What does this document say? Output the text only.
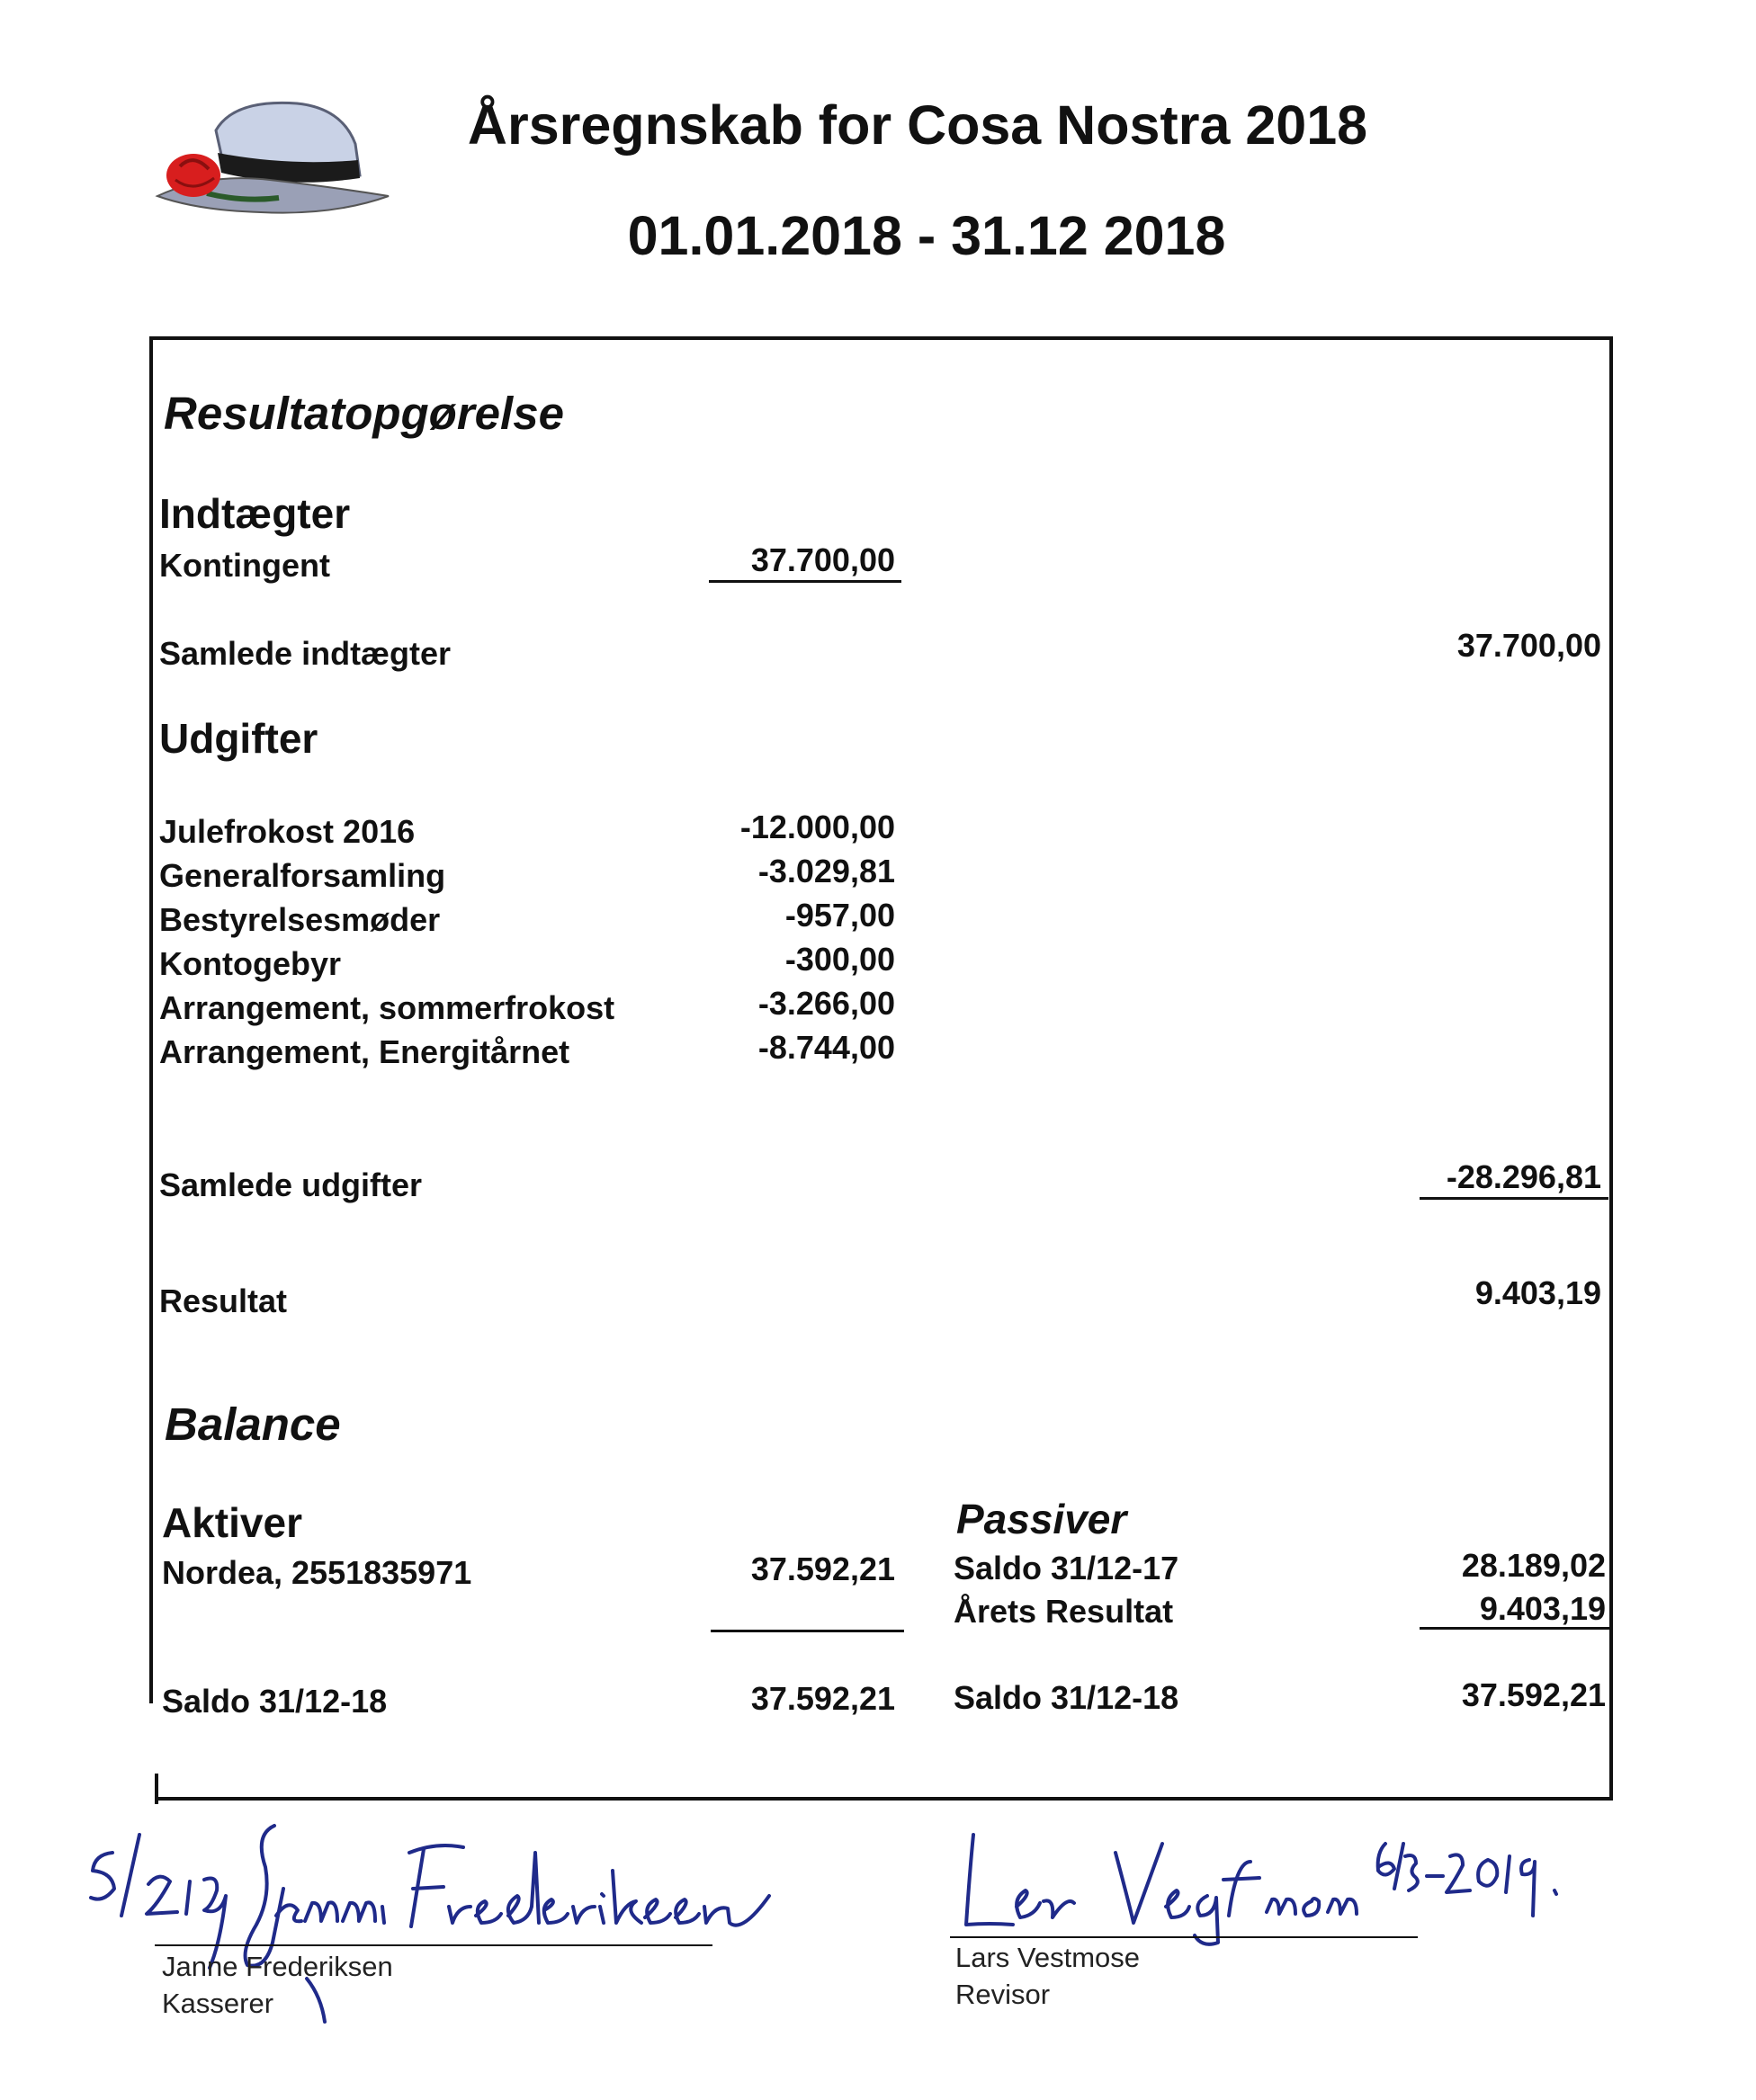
Årsregnskab for Cosa Nostra 2018
01.01.2018 - 31.12 2018
Resultatopgørelse
Indtægter
Kontingent	37.700,00
Samlede indtægter	37.700,00
Udgifter
Julefrokost 2016	-12.000,00
Generalforsamling	-3.029,81
Bestyrelsesmøder	-957,00
Kontogebyr	-300,00
Arrangement, sommerfrokost	-3.266,00
Arrangement, Energitårnet	-8.744,00
Samlede udgifter	-28.296,81
Resultat	9.403,19
Balance
Aktiver
Nordea, 2551835971	37.592,21
Passiver
Saldo 31/12-17	28.189,02
Årets Resultat	9.403,19
Saldo 31/12-18	37.592,21 Saldo 31/12-18	37.592,21
Janne Frederiksen
Kasserer
Lars Vestmose
Revisor
